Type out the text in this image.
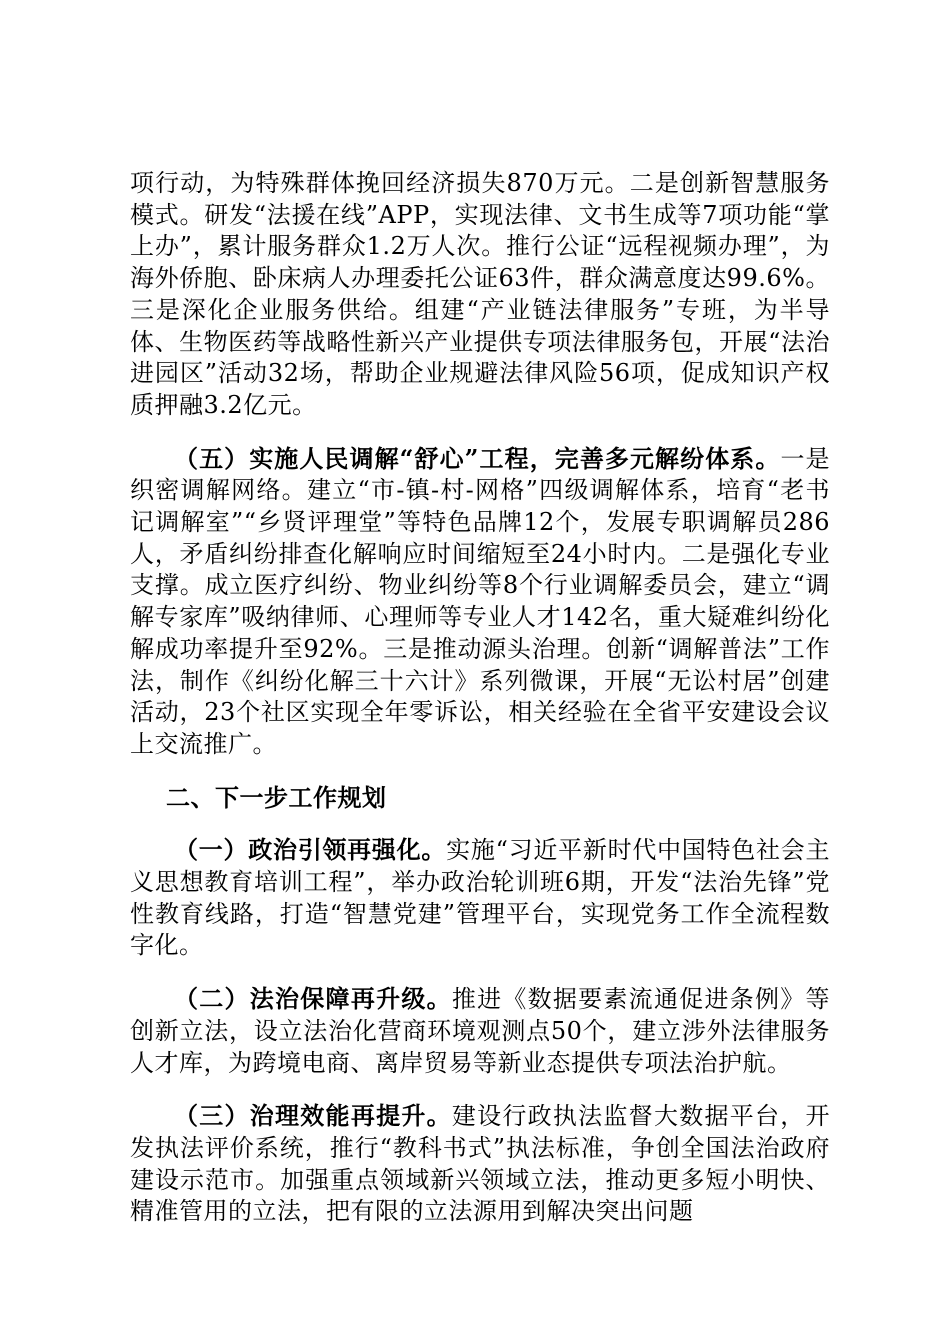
项行动，为特殊群体挽回经济损失870万元。二是创新智慧服务模式。研发“法援在线”APP，实现法律、文书生成等7项功能“掌上办”，累计服务群众1.2万人次。推行公证“远程视频办理”，为海外侨胞、卧床病人办理委托公证63件，群众满意度达99.6%。三是深化企业服务供给。组建“产业链法律服务”专班，为半导体、生物医药等战略性新兴产业提供专项法律服务包，开展“法治进园区”活动32场，帮助企业规避法律风险56项，促成知识产权质押融3.2亿元。

（五）实施人民调解“舒心”工程，完善多元解纷体系。一是织密调解网络。建立“市-镇-村-网格”四级调解体系，培育“老书记调解室”“乡贤评理堂”等特色品牌12个，发展专职调解员286人，矛盾纠纷排查化解响应时间缩短至24小时内。二是强化专业支撑。成立医疗纠纷、物业纠纷等8个行业调解委员会，建立“调解专家库”吸纳律师、心理师等专业人才142名，重大疑难纠纷化解成功率提升至92%。三是推动源头治理。创新“调解普法”工作法，制作《纠纷化解三十六计》系列微课，开展“无讼村居”创建活动，23个社区实现全年零诉讼，相关经验在全省平安建设会议上交流推广。

二、下一步工作规划

（一）政治引领再强化。实施“习近平新时代中国特色社会主义思想教育培训工程”，举办政治轮训班6期，开发“法治先锋”党性教育线路，打造“智慧党建”管理平台，实现党务工作全流程数字化。

（二）法治保障再升级。推进《数据要素流通促进条例》等创新立法，设立法治化营商环境观测点50个，建立涉外法律服务人才库，为跨境电商、离岸贸易等新业态提供专项法治护航。

（三）治理效能再提升。建设行政执法监督大数据平台，开发执法评价系统，推行“教科书式”执法标准，争创全国法治政府建设示范市。加强重点领域新兴领域立法，推动更多短小明快、精准管用的立法，把有限的立法源用到解决突出问题
